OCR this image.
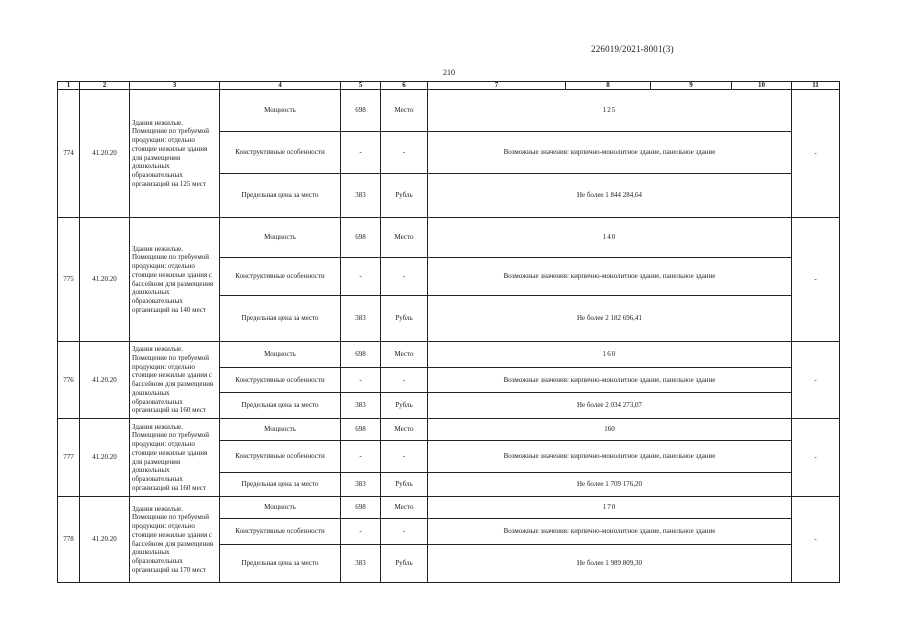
226019/2021-8001(3)
210
1	2	3	4	5	6	7	8	9	10	11
774	41.20.20	Здания нежилые. Помещение по требуемой продукции: отдельно стоящие нежилые здания для размещения дошкольных образовательных организаций на 125 мест	Мощность	698	Место	125				-
			Конструктивные особенности	-	-	Возможные значения: кирпично-монолитное здание, панельное здание				
			Предельная цена за место	383	Рубль	Не более 1 844 284,64				
775	41.20.20	Здания нежилые. Помещение по требуемой продукции: отдельно стоящие нежилые здания с бассейном для размещения дошкольных образовательных организаций на 140 мест	Мощность	698	Место	140				-
			Конструктивные особенности	-	-	Возможные значения: кирпично-монолитное здание, панельное здание				
			Предельная цена за место	383	Рубль	Не более 2 182 696,41				
776	41.20.20	Здания нежилые. Помещение по требуемой продукции: отдельно стоящие нежилые здания с бассейном для размещения дошкольных образовательных организаций на 160 мест	Мощность	698	Место	160				-
			Конструктивные особенности	-	-	Возможные значения: кирпично-монолитное здание, панельное здание				
			Предельная цена за место	383	Рубль	Не более 2 034 273,07				
777	41.20.20	Здания нежилые. Помещение по требуемой продукции: отдельно стоящие нежилые здания для размещения дошкольных образовательных организаций на 160 мест	Мощность	698	Место	160				-
			Конструктивные особенности	-	-	Возможные значения: кирпично-монолитное здание, панельное здание				
			Предельная цена за место	383	Рубль	Не более 1 709 176,20				
778	41.20.20	Здания нежилые. Помещение по требуемой продукции: отдельно стоящие нежилые здания с бассейном для размещения дошкольных образовательных организаций на 170 мест	Мощность	698	Место	170				-
			Конструктивные особенности	-	-	Возможные значения: кирпично-монолитное здание, панельное здание				
			Предельная цена за место	383	Рубль	Не более 1 989 809,30				
